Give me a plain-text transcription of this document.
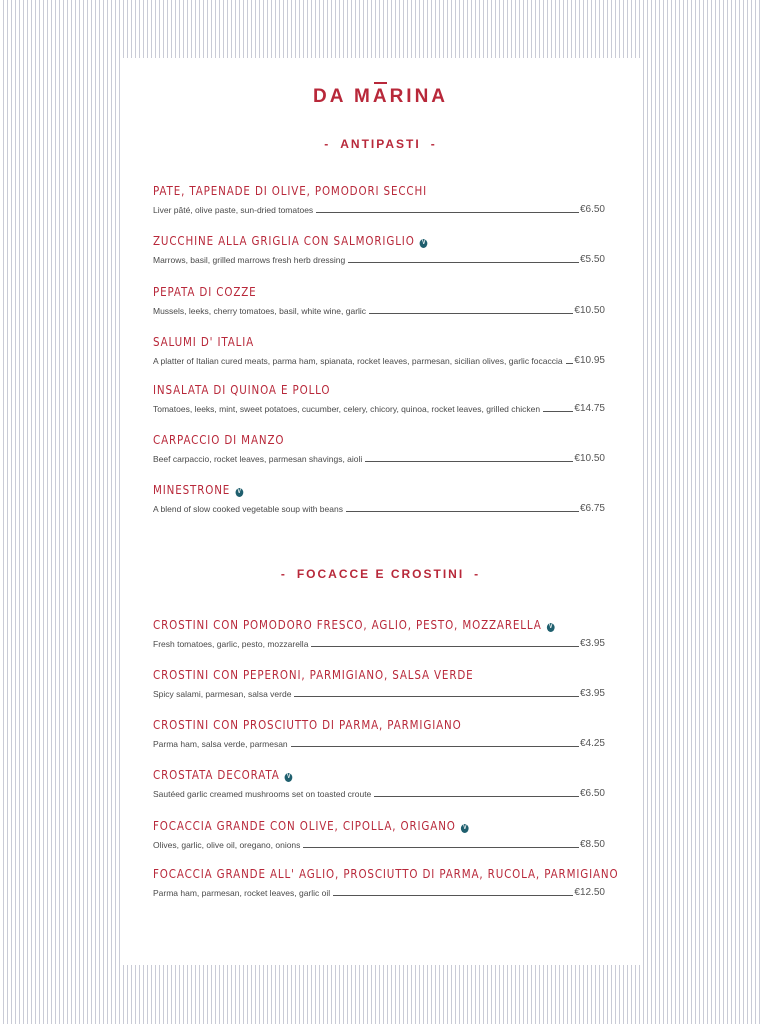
DA MARINA
- ANTIPASTI -
PATE, TAPENADE DI OLIVE, POMODORI SECCHI
Liver pâté, olive paste, sun-dried tomatoes	€6.50
ZUCCHINE ALLA GRIGLIA CON SALMORIGLIO V
Marrows, basil, grilled marrows fresh herb dressing	€5.50
PEPATA DI COZZE
Mussels, leeks, cherry tomatoes, basil, white wine, garlic	€10.50
SALUMI D' ITALIA
A platter of Italian cured meats, parma ham, spianata, rocket leaves, parmesan, sicilian olives, garlic focaccia €10.95
INSALATA DI QUINOA E POLLO
Tomatoes, leeks, mint, sweet potatoes, cucumber, celery, chicory, quinoa, rocket leaves, grilled chicken	€14.75
CARPACCIO DI MANZO
Beef carpaccio, rocket leaves, parmesan shavings, aioli	€10.50
MINESTRONE V
A blend of slow cooked vegetable soup with beans	€6.75
- FOCACCE E CROSTINI -
CROSTINI CON POMODORO FRESCO, AGLIO, PESTO, MOZZARELLA V
Fresh tomatoes, garlic, pesto, mozzarella	€3.95
CROSTINI CON PEPERONI, PARMIGIANO, SALSA VERDE
Spicy salami, parmesan, salsa verde	€3.95
CROSTINI CON PROSCIUTTO DI PARMA, PARMIGIANO
Parma ham, salsa verde, parmesan	€4.25
CROSTATA DECORATA V
Sautéed garlic creamed mushrooms set on toasted croute	€6.50
FOCACCIA GRANDE CON OLIVE, CIPOLLA, ORIGANO V
Olives, garlic, olive oil, oregano, onions	€8.50
FOCACCIA GRANDE ALL' AGLIO, PROSCIUTTO DI PARMA, RUCOLA, PARMIGIANO
Parma ham, parmesan, rocket leaves, garlic oil	€12.50
